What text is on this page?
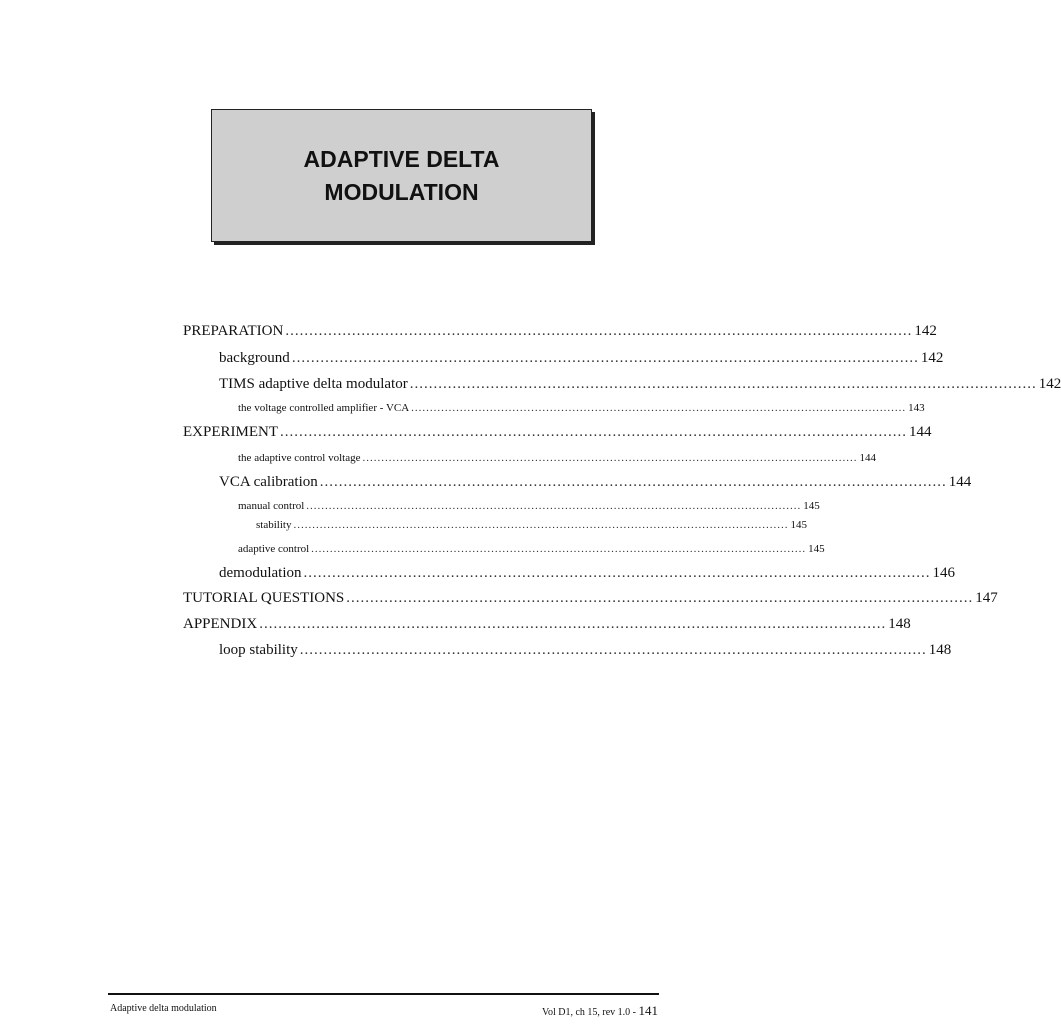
ADAPTIVE DELTA
MODULATION
PREPARATION .................................................................................................................................... 142
background .................................................................................................................................... 142
TIMS adaptive delta modulator .................................................................................................................................... 142
the voltage controlled amplifier - VCA .................................................................................................................................... 143
EXPERIMENT .................................................................................................................................... 144
the adaptive control voltage .................................................................................................................................... 144
VCA calibration .................................................................................................................................... 144
manual control .................................................................................................................................... 145
stability .................................................................................................................................... 145
adaptive control .................................................................................................................................... 145
demodulation .................................................................................................................................... 146
TUTORIAL QUESTIONS .................................................................................................................................... 147
APPENDIX .................................................................................................................................... 148
loop stability .................................................................................................................................... 148
Adaptive delta modulation	Vol D1, ch 15, rev 1.0 - 141
